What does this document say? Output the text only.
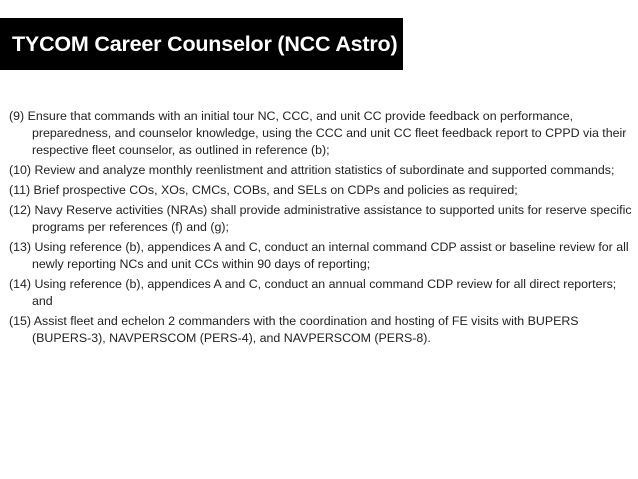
TYCOM Career Counselor (NCC Astro)
(9) Ensure that commands with an initial tour NC, CCC, and unit CC provide feedback on performance, preparedness, and counselor knowledge, using the CCC and unit CC fleet feedback report to CPPD via their respective fleet counselor, as outlined in reference (b);
(10) Review and analyze monthly reenlistment and attrition statistics of subordinate and supported commands;
(11) Brief prospective COs, XOs, CMCs, COBs, and SELs on CDPs and policies as required;
(12) Navy Reserve activities (NRAs) shall provide administrative assistance to supported units for reserve specific programs per references (f) and (g);
(13) Using reference (b), appendices A and C, conduct an internal command CDP assist or baseline review for all newly reporting NCs and unit CCs within 90 days of reporting;
(14) Using reference (b), appendices A and C, conduct an annual command CDP review for all direct reporters; and
(15) Assist fleet and echelon 2 commanders with the coordination and hosting of FE visits with BUPERS (BUPERS-3), NAVPERSCOM (PERS-4), and NAVPERSCOM (PERS-8).
